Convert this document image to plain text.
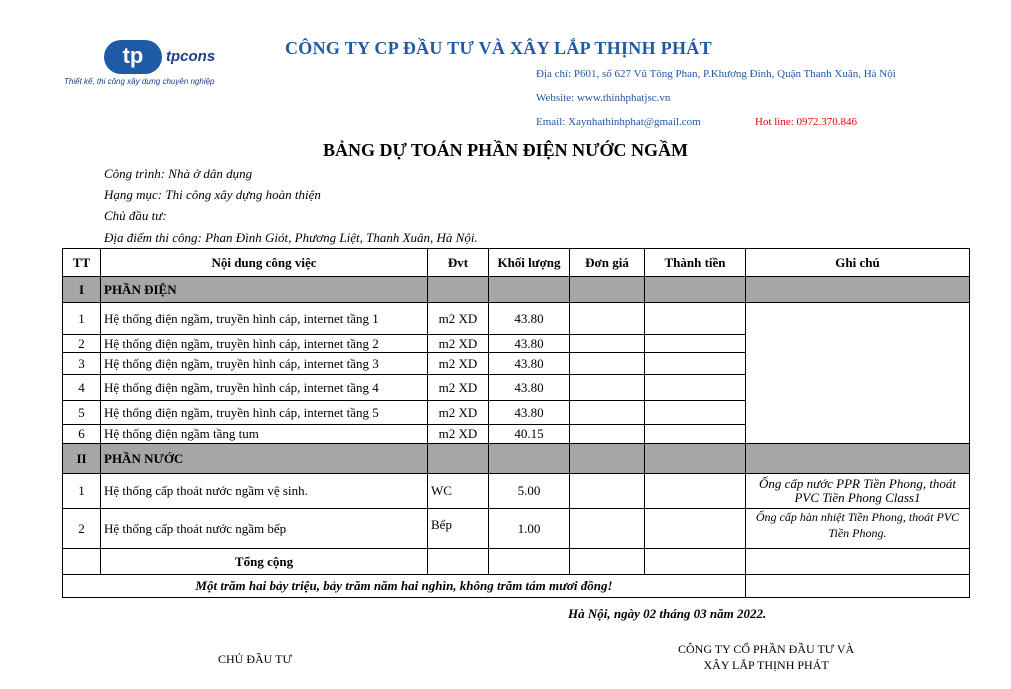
tp	tpcons
Thiết kế, thi công xây dựng chuyên nghiệp
CÔNG TY CP ĐẦU TƯ VÀ XÂY LẮP THỊNH PHÁT
Địa chỉ: P601, số 627 Vũ Tông Phan, P.Khương Đình, Quận Thanh Xuân, Hà Nội
Website: www.thinhphatjsc.vn
Email: Xaynhathinhphat@gmail.com	Hot line: 0972.370.846
BẢNG DỰ TOÁN PHẦN ĐIỆN NƯỚC NGẦM
Công trình: Nhà ở dân dụng
Hạng mục: Thi công xây dựng hoàn thiện
Chủ đầu tư:
Địa điểm thi công: Phan Đình Giót, Phương Liệt, Thanh Xuân, Hà Nội.
TT	Nội dung công việc	Đvt	Khối lượng	Đơn giá	Thành tiền	Ghi chú
I	PHẦN ĐIỆN					
1	Hệ thống điện ngầm, truyền hình cáp, internet tầng 1	m2 XD	43.80			
2	Hệ thống điện ngầm, truyền hình cáp, internet tầng 2	m2 XD	43.80			
3	Hệ thống điện ngầm, truyền hình cáp, internet tầng 3	m2 XD	43.80			
4	Hệ thống điện ngầm, truyền hình cáp, internet tầng 4	m2 XD	43.80			
5	Hệ thống điện ngầm, truyền hình cáp, internet tầng 5	m2 XD	43.80			
6	Hệ thống điện ngầm tầng tum	m2 XD	40.15			
II	PHẦN NƯỚC					
1	Hệ thống cấp thoát nước ngầm vệ sinh.	WC	5.00			Ống cấp nước PPR Tiền Phong, thoát PVC Tiền Phong Class1
2	Hệ thống cấp thoát nước ngầm bếp	Bếp	1.00			Ống cấp hàn nhiệt Tiền Phong, thoát PVC Tiền Phong.
	Tổng cộng					
Một trăm hai bảy triệu, bảy trăm năm hai nghìn, không trăm tám mươi đồng!						
Hà Nội, ngày 02 tháng 03 năm 2022.
CHỦ ĐẦU TƯ
CÔNG TY CỔ PHẦN ĐẦU TƯ VÀ
XÂY LẮP THỊNH PHÁT
